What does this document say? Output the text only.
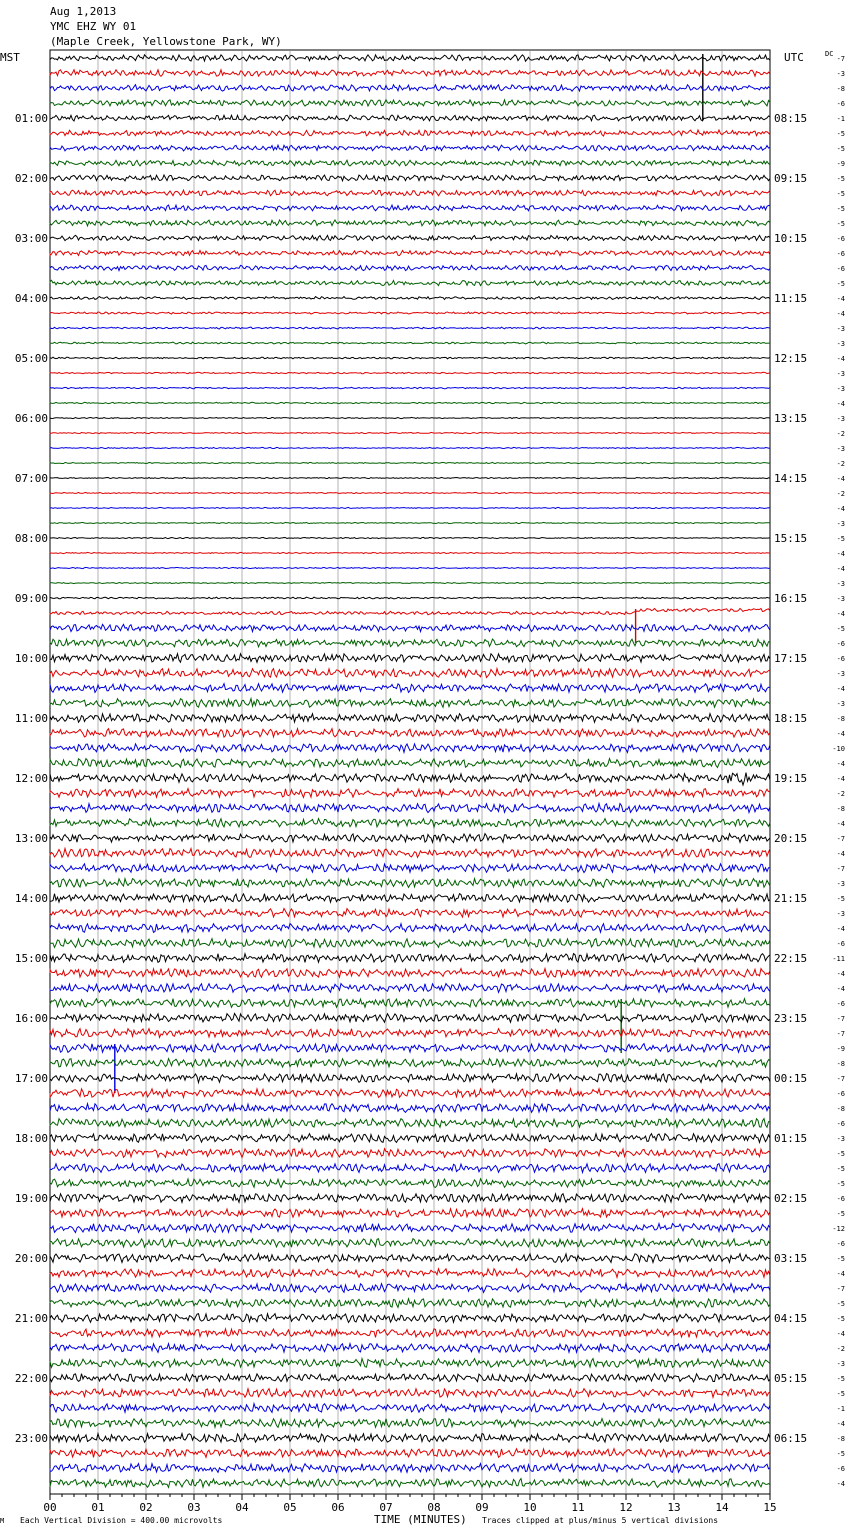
Aug 1,2013
YMC EHZ WY 01
(Maple Creek, Yellowstone Park, WY)
MST	UTC	DC
M Each Vertical Division = 400.00 microvolts	TIME (MINUTES) Traces clipped at plus/minus 5 vertical divisions
-7
-3
-8
-6
-1
-5
-5
-9
-5
-5
-5
-5
-6
-6
-6
-5
-4
-4
-3
-3
-4
-3
-3
-4
-3
-2
-3
-2
-4
-2
-4
-3
-5
-4
-4
-3
-3
-4
-5
-6
-6
-3
-4
-3
-8
-4
-10
-4
-4
-2
-8
-4
-7
-4
-7
-3
-5
-3
-4
-6
-11
-4
-4
-6
-7
-7
-9
-8
-7
-6
-8
-6
-3
-5
-5
-5
-6
-5
-12
-6
-5
-4
-7
-5
-5
-4
-2
-3
-5
-5
-1
-4
-8
-5
-6
-4
01:00
02:00
03:00
04:00
05:00
06:00
07:00
08:00
09:00
10:00
11:00
12:00
13:00
14:00
15:00
16:00
17:00
18:00
19:00
20:00
21:00
22:00
23:00
08:15
09:15
10:15
11:15
12:15
13:15
14:15
15:15
16:15
17:15
18:15
19:15
20:15
21:15
22:15
23:15
00:15
01:15
02:15
03:15
04:15
05:15
06:15
00	01	02	03	04	05	06	07	08	09	10	11	12	13	14	15
